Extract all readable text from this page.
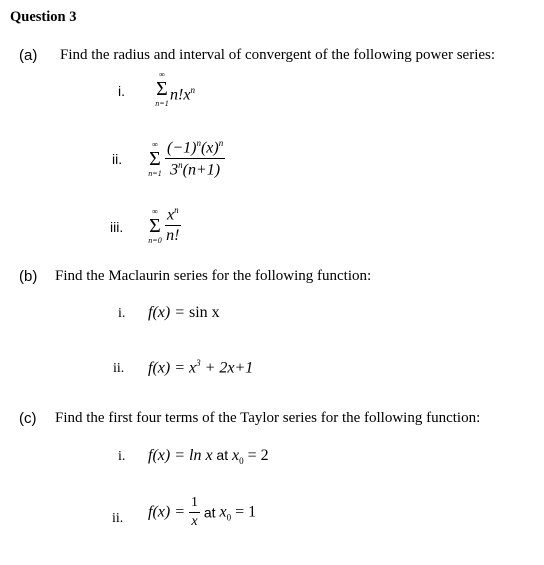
Question 3
(a) Find the radius and interval of convergent of the following power series:
i.
∞
Σ
n=1
$n!x^n$
ii.
∞
Σ
$n=1 \frac{(-1)^n(x)^n}{3^n(n+1)}$
iii.
∞
Σ
$n=0 \frac{x^n}{n!}$
(b) Find the Maclaurin series for the following function:
i. f(x) = sin x
ii. $f(x) = x^3 + 2x+1$
(c) Find the first four terms of the Taylor series for the following function:
i. f(x) = ln x at $x_0 = 2$
ii. $f(x) = \frac{1}{x}$ at $x_0 = 1$
